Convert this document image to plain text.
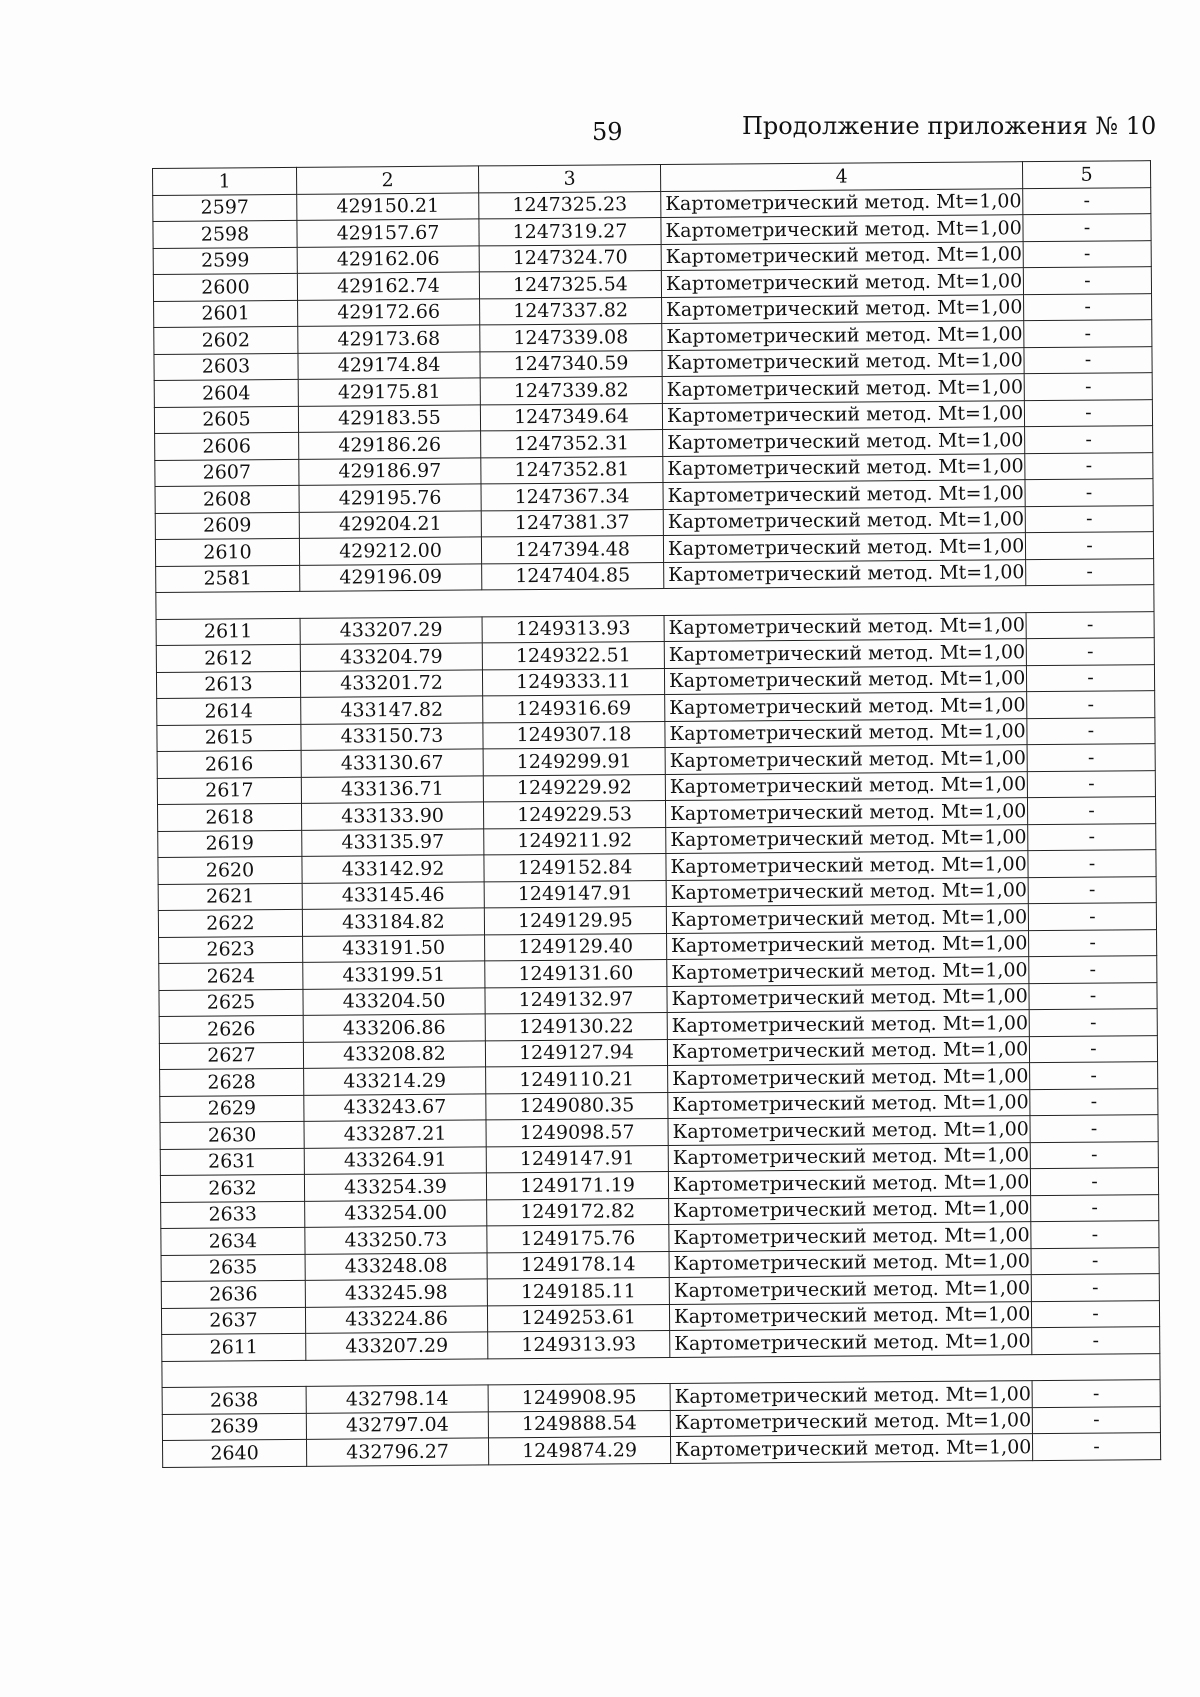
59	Продолжение приложения № 10
1	2	3	4	5
2597	429150.21	1247325.23	Картометрический метод. Mt=1,00	-
2598	429157.67	1247319.27	Картометрический метод. Mt=1,00	-
2599	429162.06	1247324.70	Картометрический метод. Mt=1,00	-
2600	429162.74	1247325.54	Картометрический метод. Mt=1,00	-
2601	429172.66	1247337.82	Картометрический метод. Mt=1,00	-
2602	429173.68	1247339.08	Картометрический метод. Mt=1,00	-
2603	429174.84	1247340.59	Картометрический метод. Mt=1,00	-
2604	429175.81	1247339.82	Картометрический метод. Mt=1,00	-
2605	429183.55	1247349.64	Картометрический метод. Mt=1,00	-
2606	429186.26	1247352.31	Картометрический метод. Mt=1,00	-
2607	429186.97	1247352.81	Картометрический метод. Mt=1,00	-
2608	429195.76	1247367.34	Картометрический метод. Mt=1,00	-
2609	429204.21	1247381.37	Картометрический метод. Mt=1,00	-
2610	429212.00	1247394.48	Картометрический метод. Mt=1,00	-
2581	429196.09	1247404.85	Картометрический метод. Mt=1,00	-

2611	433207.29	1249313.93	Картометрический метод. Mt=1,00	-
2612	433204.79	1249322.51	Картометрический метод. Mt=1,00	-
2613	433201.72	1249333.11	Картометрический метод. Mt=1,00	-
2614	433147.82	1249316.69	Картометрический метод. Mt=1,00	-
2615	433150.73	1249307.18	Картометрический метод. Mt=1,00	-
2616	433130.67	1249299.91	Картометрический метод. Mt=1,00	-
2617	433136.71	1249229.92	Картометрический метод. Mt=1,00	-
2618	433133.90	1249229.53	Картометрический метод. Mt=1,00	-
2619	433135.97	1249211.92	Картометрический метод. Mt=1,00	-
2620	433142.92	1249152.84	Картометрический метод. Mt=1,00	-
2621	433145.46	1249147.91	Картометрический метод. Mt=1,00	-
2622	433184.82	1249129.95	Картометрический метод. Mt=1,00	-
2623	433191.50	1249129.40	Картометрический метод. Mt=1,00	-
2624	433199.51	1249131.60	Картометрический метод. Mt=1,00	-
2625	433204.50	1249132.97	Картометрический метод. Mt=1,00	-
2626	433206.86	1249130.22	Картометрический метод. Mt=1,00	-
2627	433208.82	1249127.94	Картометрический метод. Mt=1,00	-
2628	433214.29	1249110.21	Картометрический метод. Mt=1,00	-
2629	433243.67	1249080.35	Картометрический метод. Mt=1,00	-
2630	433287.21	1249098.57	Картометрический метод. Mt=1,00	-
2631	433264.91	1249147.91	Картометрический метод. Mt=1,00	-
2632	433254.39	1249171.19	Картометрический метод. Mt=1,00	-
2633	433254.00	1249172.82	Картометрический метод. Mt=1,00	-
2634	433250.73	1249175.76	Картометрический метод. Mt=1,00	-
2635	433248.08	1249178.14	Картометрический метод. Mt=1,00	-
2636	433245.98	1249185.11	Картометрический метод. Mt=1,00	-
2637	433224.86	1249253.61	Картометрический метод. Mt=1,00	-
2611	433207.29	1249313.93	Картометрический метод. Mt=1,00	-

2638	432798.14	1249908.95	Картометрический метод. Mt=1,00	-
2639	432797.04	1249888.54	Картометрический метод. Mt=1,00	-
2640	432796.27	1249874.29	Картометрический метод. Mt=1,00	-
